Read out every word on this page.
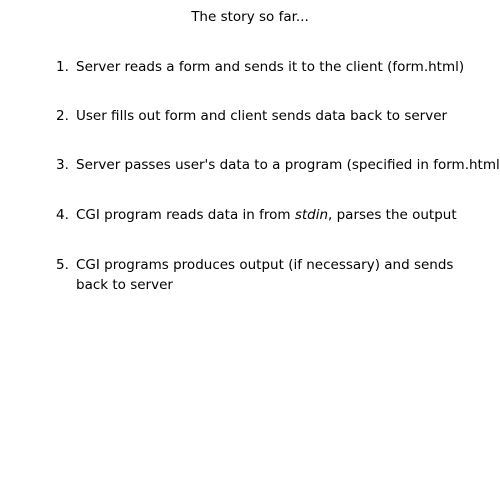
The story so far...
1. Server reads a form and sends it to the client (form.html)
2. User fills out form and client sends data back to server
3. Server passes user's data to a program (specified in form.html
4. CGI program reads data in from stdin, parses the output
5. CGI programs produces output (if necessary) and sends back to server
